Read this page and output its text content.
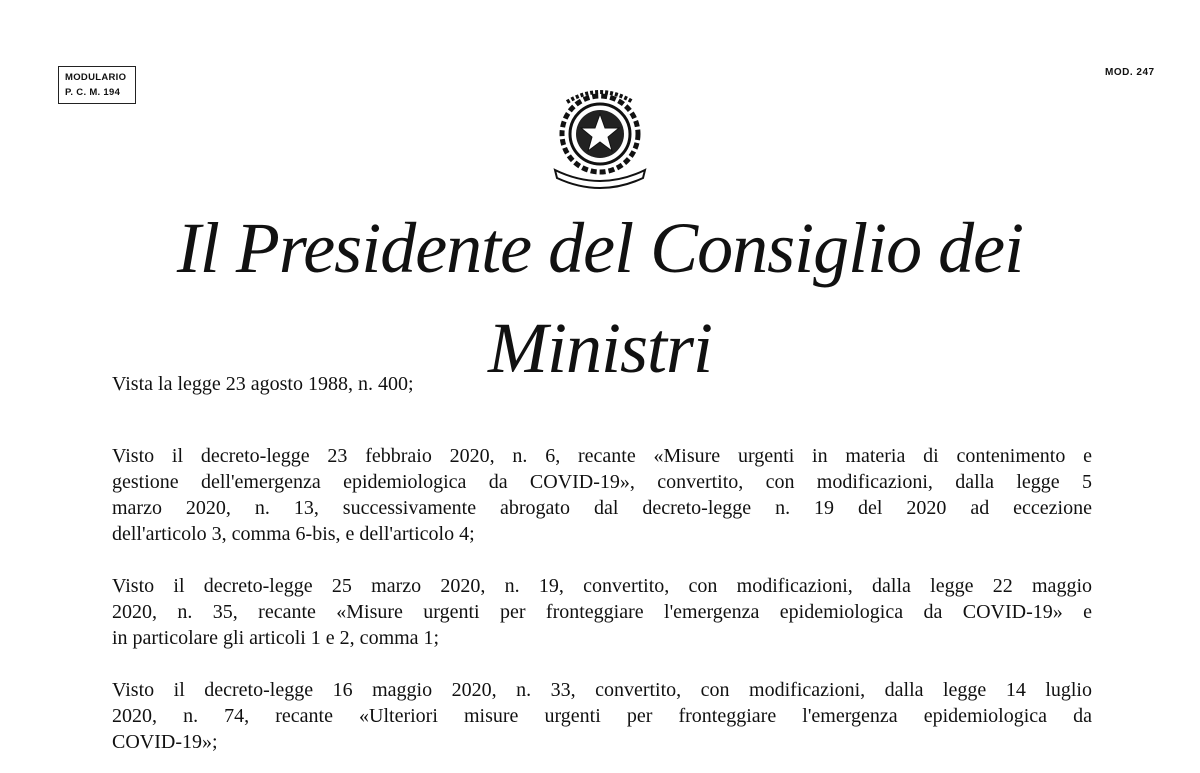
MODULARIO
P. C. M. 194
MOD. 247
Il Presidente del Consiglio dei Ministri
Vista la legge 23 agosto 1988, n. 400;
Visto il decreto-legge 23 febbraio 2020, n. 6, recante «Misure urgenti in materia di contenimento e
gestione dell'emergenza epidemiologica da COVID-19», convertito, con modificazioni, dalla legge 5
marzo 2020, n. 13, successivamente abrogato dal decreto-legge n. 19 del 2020 ad eccezione
dell'articolo 3, comma 6-bis, e dell'articolo 4;
Visto il decreto-legge 25 marzo 2020, n. 19, convertito, con modificazioni, dalla legge 22 maggio
2020, n. 35, recante «Misure urgenti per fronteggiare l'emergenza epidemiologica da COVID-19» e
in particolare gli articoli 1 e 2, comma 1;
Visto il decreto-legge 16 maggio 2020, n. 33, convertito, con modificazioni, dalla legge 14 luglio
2020, n. 74, recante «Ulteriori misure urgenti per fronteggiare l'emergenza epidemiologica da
COVID-19»;
